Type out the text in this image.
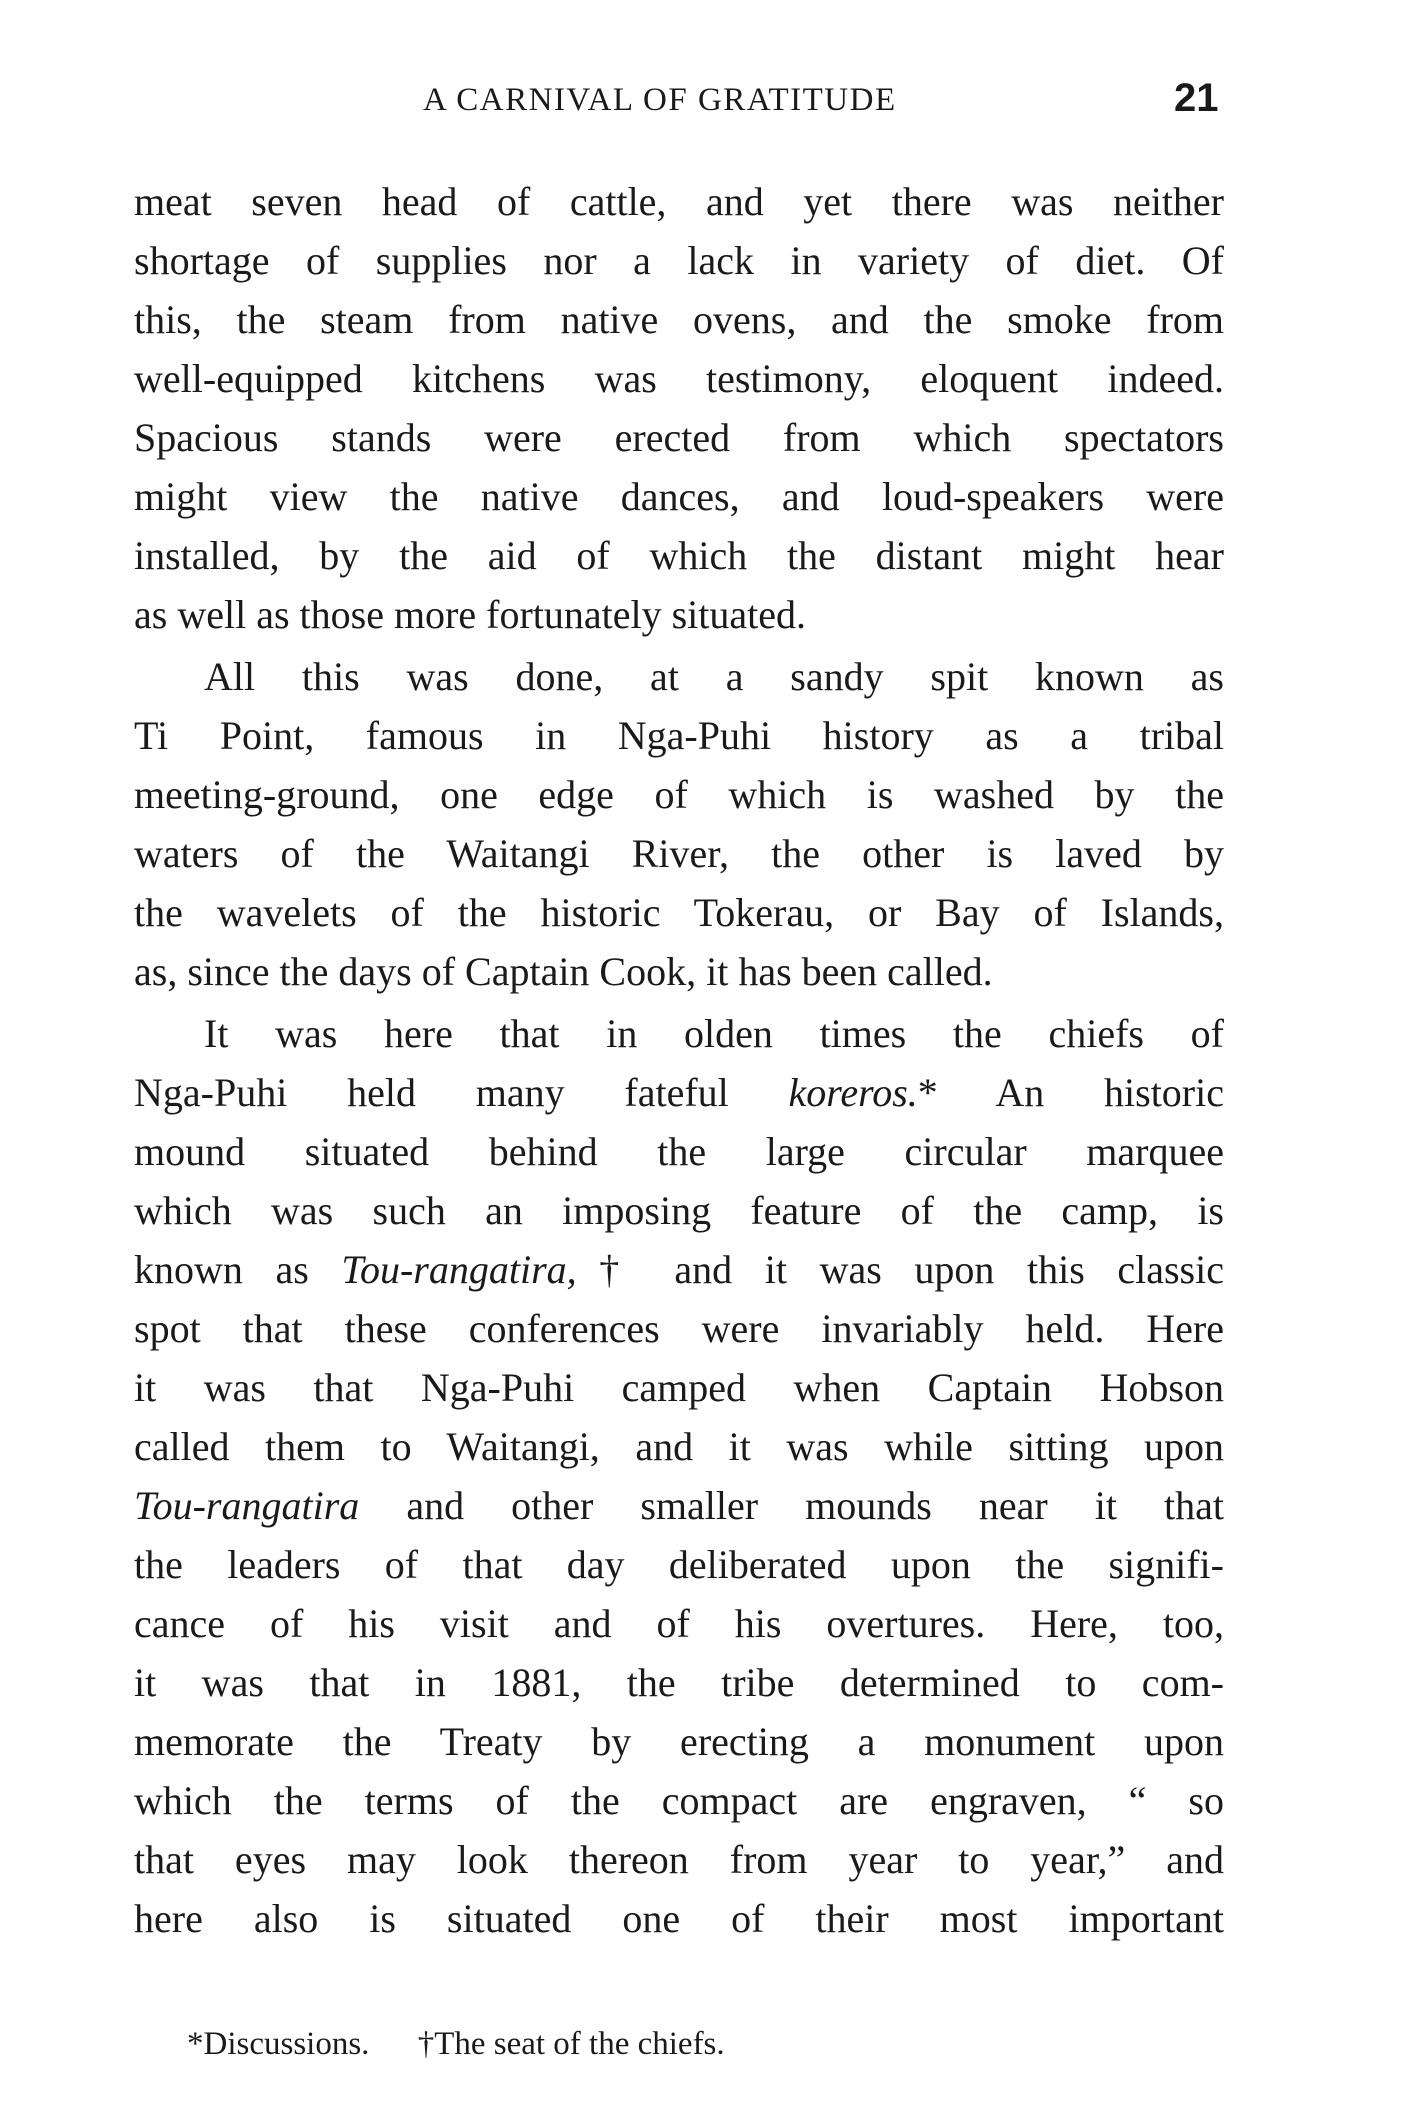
A CARNIVAL OF GRATITUDE	21
meat seven head of cattle, and yet there was neither
shortage of supplies nor a lack in variety of diet. Of
this, the steam from native ovens, and the smoke from
well-equipped kitchens was testimony, eloquent indeed.
Spacious stands were erected from which spectators
might view the native dances, and loud-speakers were
installed, by the aid of which the distant might hear
as well as those more fortunately situated.
All this was done, at a sandy spit known as
Ti Point, famous in Nga-Puhi history as a tribal
meeting-ground, one edge of which is washed by the
waters of the Waitangi River, the other is laved by
the wavelets of the historic Tokerau, or Bay of Islands,
as, since the days of Captain Cook, it has been called.
It was here that in olden times the chiefs of
Nga-Puhi held many fateful koreros.* An historic
mound situated behind the large circular marquee
which was such an imposing feature of the camp, is
known as Tou-rangatira,† and it was upon this classic
spot that these conferences were invariably held. Here
it was that Nga-Puhi camped when Captain Hobson
called them to Waitangi, and it was while sitting upon
Tou-rangatira and other smaller mounds near it that
the leaders of that day deliberated upon the signifi-
cance of his visit and of his overtures. Here, too,
it was that in 1881, the tribe determined to com-
memorate the Treaty by erecting a monument upon
which the terms of the compact are engraven, “ so
that eyes may look thereon from year to year,” and
here also is situated one of their most important
*Discussions. †The seat of the chiefs.
